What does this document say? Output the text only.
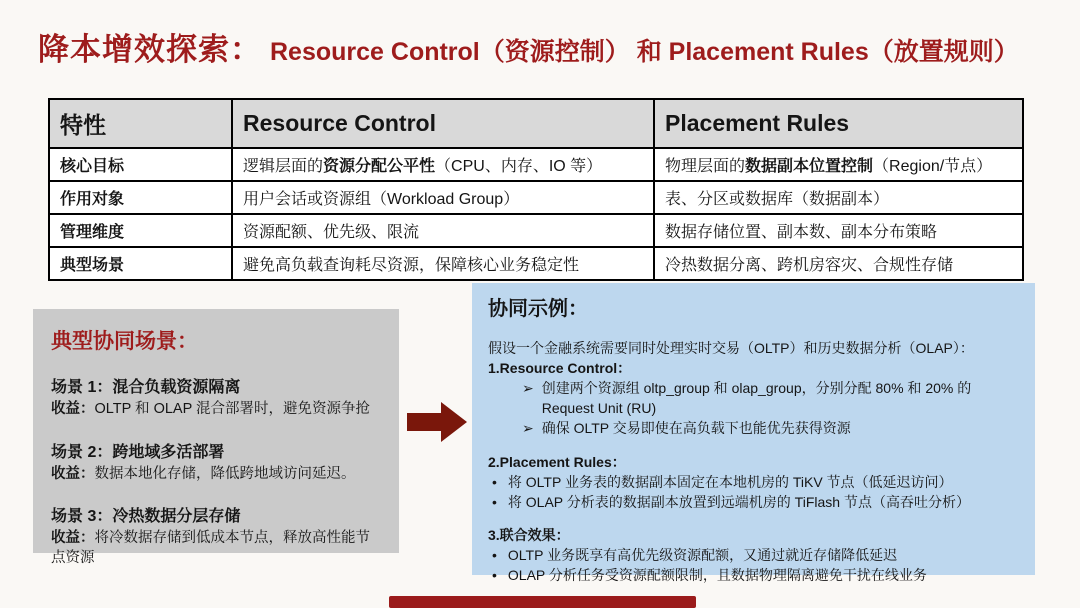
降本增效探索： Resource Control（资源控制） 和 Placement Rules（放置规则）
特性	Resource Control	Placement Rules
核心目标	逻辑层面的资源分配公平性（CPU、内存、IO 等）	物理层面的数据副本位置控制（Region/节点）
作用对象	用户会话或资源组（Workload Group）	表、分区或数据库（数据副本）
管理维度	资源配额、优先级、限流	数据存储位置、副本数、副本分布策略
典型场景	避免高负载查询耗尽资源，保障核心业务稳定性	冷热数据分离、跨机房容灾、合规性存储
典型协同场景：
场景 1：混合负载资源隔离
收益：OLTP 和 OLAP 混合部署时，避免资源争抢
场景 2：跨地域多活部署
收益：数据本地化存储，降低跨地域访问延迟。
场景 3：冷热数据分层存储
收益：将冷数据存储到低成本节点，释放高性能节点资源
协同示例：
假设一个金融系统需要同时处理实时交易（OLTP）和历史数据分析（OLAP）：
1.Resource Control：
➢ 创建两个资源组 oltp_group 和 olap_group，分别分配 80% 和 20% 的 Request Unit (RU)
➢ 确保 OLTP 交易即使在高负载下也能优先获得资源
2.Placement Rules：
• 将 OLTP 业务表的数据副本固定在本地机房的 TiKV 节点（低延迟访问）
• 将 OLAP 分析表的数据副本放置到远端机房的 TiFlash 节点（高吞吐分析）
3.联合效果：
• OLTP 业务既享有高优先级资源配额，又通过就近存储降低延迟
• OLAP 分析任务受资源配额限制，且数据物理隔离避免干扰在线业务
